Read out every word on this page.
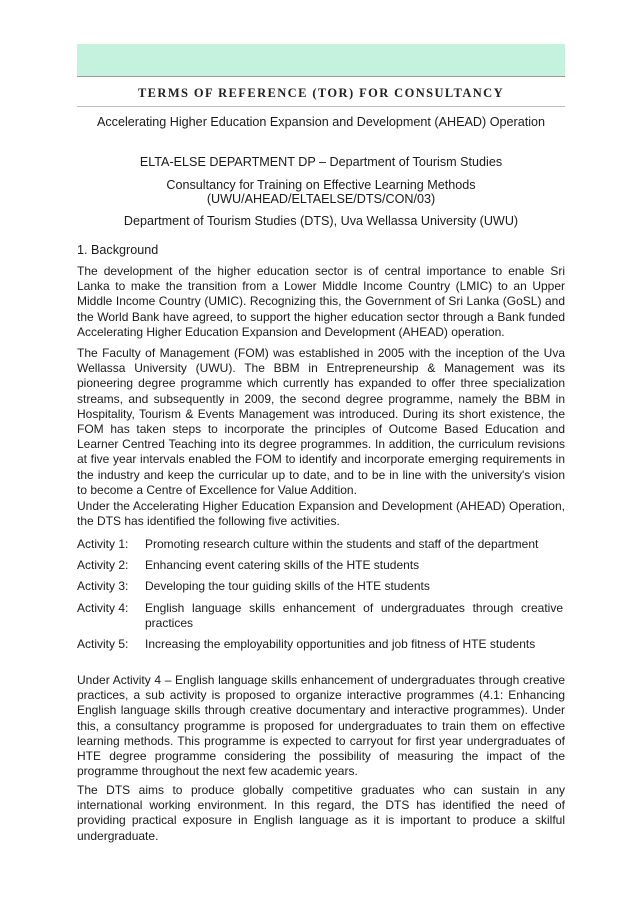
TERMS OF REFERENCE (TOR) FOR CONSULTANCY
Accelerating Higher Education Expansion and Development (AHEAD) Operation
ELTA-ELSE DEPARTMENT DP – Department of Tourism Studies
Consultancy for Training on Effective Learning Methods
(UWU/AHEAD/ELTAELSE/DTS/CON/03)
Department of Tourism Studies (DTS), Uva Wellassa University (UWU)
1. Background

The development of the higher education sector is of central importance to enable Sri Lanka to make the transition from a Lower Middle Income Country (LMIC) to an Upper Middle Income Country (UMIC). Recognizing this, the Government of Sri Lanka (GoSL) and the World Bank have agreed, to support the higher education sector through a Bank funded Accelerating Higher Education Expansion and Development (AHEAD) operation.

The Faculty of Management (FOM) was established in 2005 with the inception of the Uva Wellassa University (UWU). The BBM in Entrepreneurship & Management was its pioneering degree programme which currently has expanded to offer three specialization streams, and subsequently in 2009, the second degree programme, namely the BBM in Hospitality, Tourism & Events Management was introduced. During its short existence, the FOM has taken steps to incorporate the principles of Outcome Based Education and Learner Centred Teaching into its degree programmes. In addition, the curriculum revisions at five year intervals enabled the FOM to identify and incorporate emerging requirements in the industry and keep the curricular up to date, and to be in line with the university's vision to become a Centre of Excellence for Value Addition.

Under the Accelerating Higher Education Expansion and Development (AHEAD) Operation, the DTS has identified the following five activities.

Activity 1:	Promoting research culture within the students and staff of the department
Activity 2:	Enhancing event catering skills of the HTE students
Activity 3:	Developing the tour guiding skills of the HTE students
Activity 4:	English language skills enhancement of undergraduates through creative practices
Activity 5:	Increasing the employability opportunities and job fitness of HTE students

Under Activity 4 – English language skills enhancement of undergraduates through creative practices, a sub activity is proposed to organize interactive programmes (4.1: Enhancing English language skills through creative documentary and interactive programmes). Under this, a consultancy programme is proposed for undergraduates to train them on effective learning methods. This programme is expected to carryout for first year undergraduates of HTE degree programme considering the possibility of measuring the impact of the programme throughout the next few academic years.

The DTS aims to produce globally competitive graduates who can sustain in any international working environment. In this regard, the DTS has identified the need of providing practical exposure in English language as it is important to produce a skilful undergraduate.
